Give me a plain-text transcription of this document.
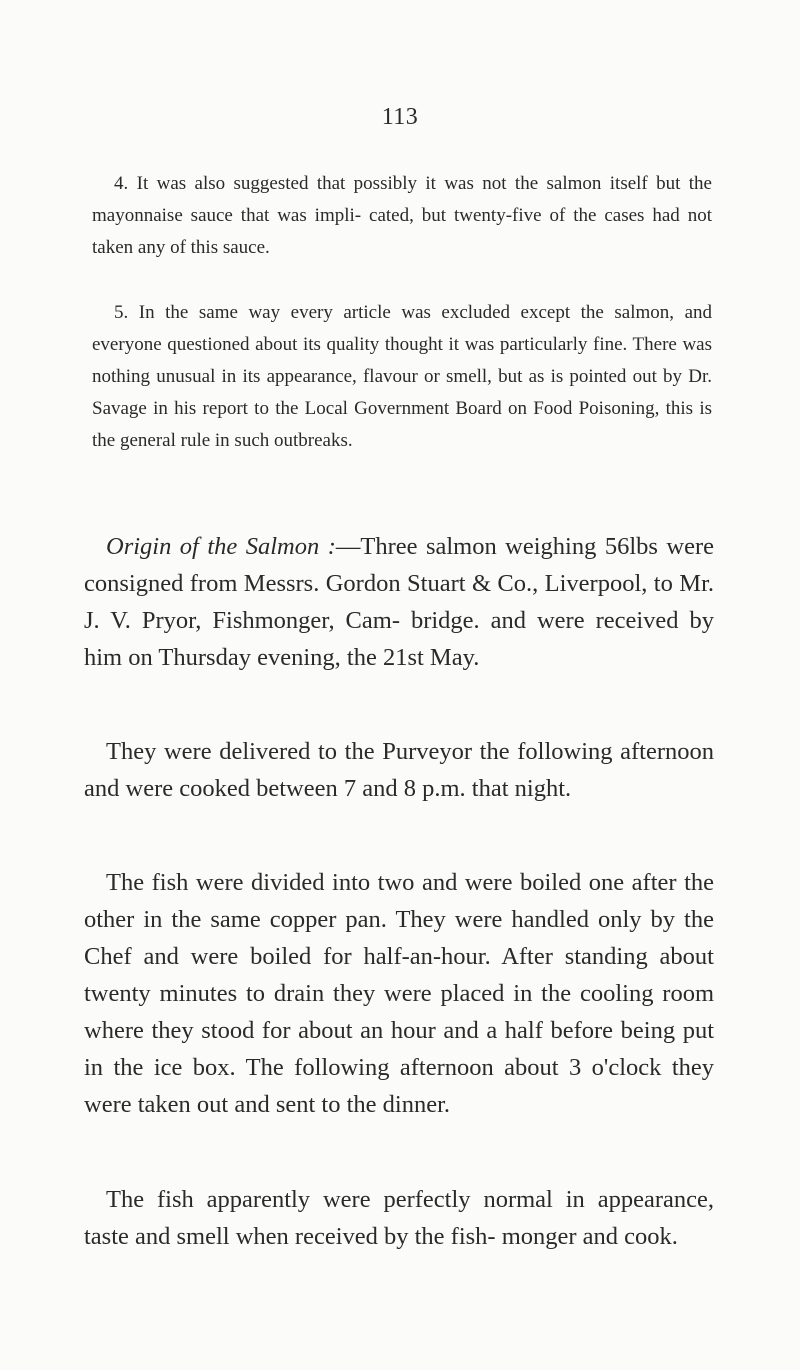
113

4. It was also suggested that possibly it was not the salmon itself but the mayonnaise sauce that was impli- cated, but twenty-five of the cases had not taken any of this sauce.

5. In the same way every article was excluded except the salmon, and everyone questioned about its quality thought it was particularly fine. There was nothing unusual in its appearance, flavour or smell, but as is pointed out by Dr. Savage in his report to the Local Government Board on Food Poisoning, this is the general rule in such outbreaks.

Origin of the Salmon :—Three salmon weighing 56lbs were consigned from Messrs. Gordon Stuart & Co., Liverpool, to Mr. J. V. Pryor, Fishmonger, Cam- bridge. and were received by him on Thursday evening, the 21st May.

They were delivered to the Purveyor the following afternoon and were cooked between 7 and 8 p.m. that night.

The fish were divided into two and were boiled one after the other in the same copper pan. They were handled only by the Chef and were boiled for half-an-hour. After standing about twenty minutes to drain they were placed in the cooling room where they stood for about an hour and a half before being put in the ice box. The following afternoon about 3 o'clock they were taken out and sent to the dinner.

The fish apparently were perfectly normal in appearance, taste and smell when received by the fish- monger and cook.
